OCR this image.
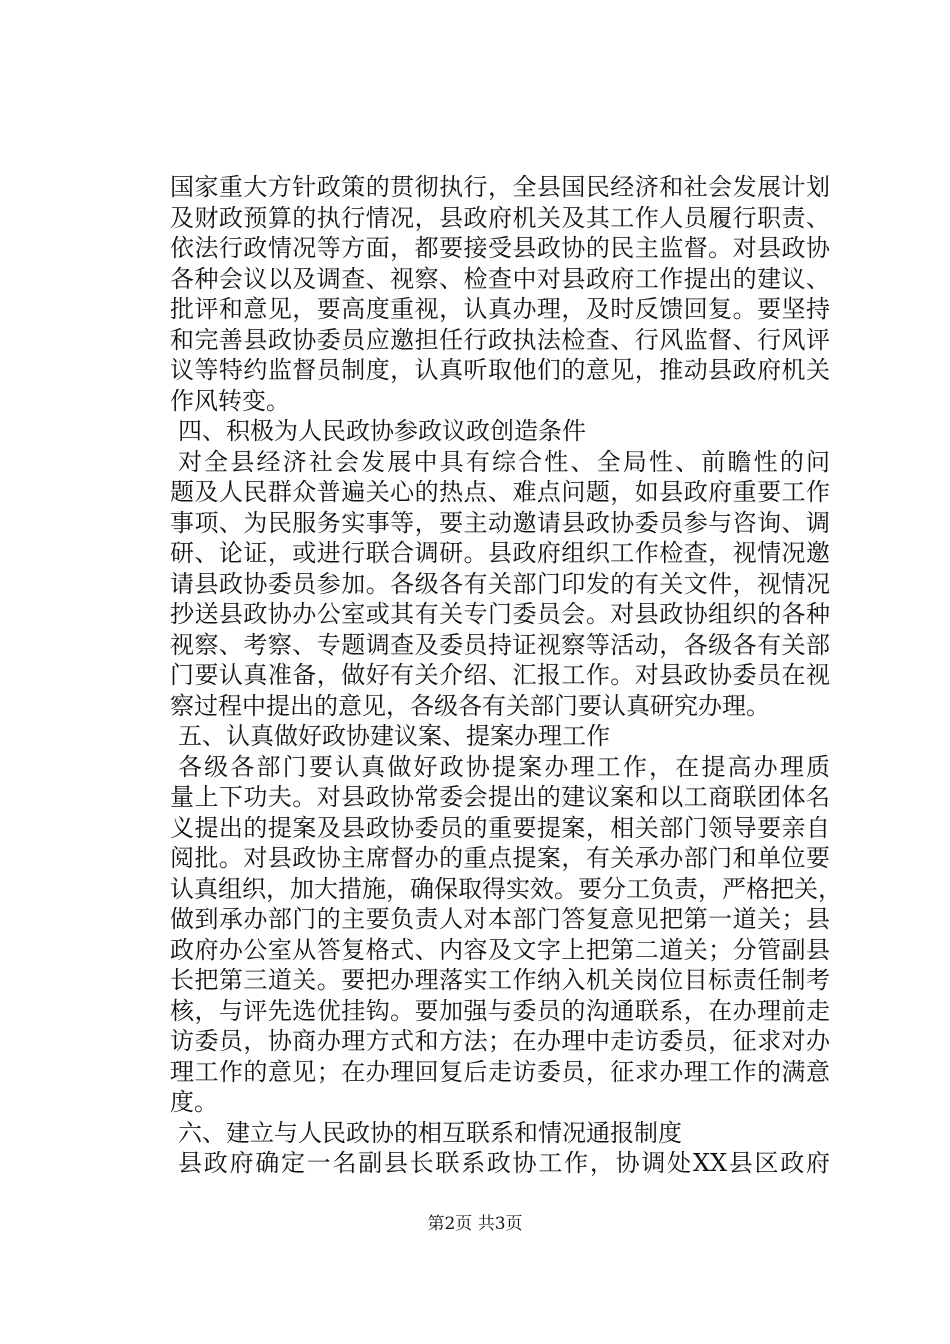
国家重大方针政策的贯彻执行，全县国民经济和社会发展计划
及财政预算的执行情况，县政府机关及其工作人员履行职责、
依法行政情况等方面，都要接受县政协的民主监督。对县政协
各种会议以及调查、视察、检查中对县政府工作提出的建议、
批评和意见，要高度重视，认真办理，及时反馈回复。要坚持
和完善县政协委员应邀担任行政执法检查、行风监督、行风评
议等特约监督员制度，认真听取他们的意见，推动县政府机关
作风转变。
四、积极为人民政协参政议政创造条件
对全县经济社会发展中具有综合性、全局性、前瞻性的问
题及人民群众普遍关心的热点、难点问题，如县政府重要工作
事项、为民服务实事等，要主动邀请县政协委员参与咨询、调
研、论证，或进行联合调研。县政府组织工作检查，视情况邀
请县政协委员参加。各级各有关部门印发的有关文件，视情况
抄送县政协办公室或其有关专门委员会。对县政协组织的各种
视察、考察、专题调查及委员持证视察等活动，各级各有关部
门要认真准备，做好有关介绍、汇报工作。对县政协委员在视
察过程中提出的意见，各级各有关部门要认真研究办理。
五、认真做好政协建议案、提案办理工作
各级各部门要认真做好政协提案办理工作，在提高办理质
量上下功夫。对县政协常委会提出的建议案和以工商联团体名
义提出的提案及县政协委员的重要提案，相关部门领导要亲自
阅批。对县政协主席督办的重点提案，有关承办部门和单位要
认真组织，加大措施，确保取得实效。要分工负责，严格把关，
做到承办部门的主要负责人对本部门答复意见把第一道关；县
政府办公室从答复格式、内容及文字上把第二道关；分管副县
长把第三道关。要把办理落实工作纳入机关岗位目标责任制考
核，与评先选优挂钩。要加强与委员的沟通联系，在办理前走
访委员，协商办理方式和方法；在办理中走访委员，征求对办
理工作的意见；在办理回复后走访委员，征求办理工作的满意
度。
六、建立与人民政协的相互联系和情况通报制度
县政府确定一名副县长联系政协工作，协调处XX县区政府
第2页 共3页
